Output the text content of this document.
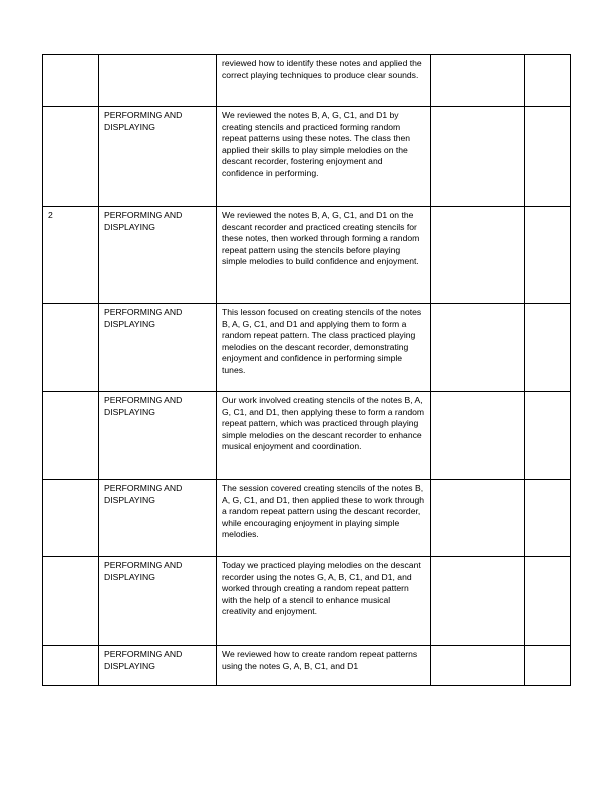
		reviewed how to identify these notes and applied the correct playing techniques to produce clear sounds.		
	PERFORMING AND DISPLAYING	We reviewed the notes B, A, G, C1, and D1 by creating stencils and practiced forming random repeat patterns using these notes. The class then applied their skills to play simple melodies on the descant recorder, fostering enjoyment and confidence in performing.		
2	PERFORMING AND DISPLAYING	We reviewed the notes B, A, G, C1, and D1 on the descant recorder and practiced creating stencils for these notes, then worked through forming a random repeat pattern using the stencils before playing simple melodies to build confidence and enjoyment.		
	PERFORMING AND DISPLAYING	This lesson focused on creating stencils of the notes B, A, G, C1, and D1 and applying them to form a random repeat pattern. The class practiced playing melodies on the descant recorder, demonstrating enjoyment and confidence in performing simple tunes.		
	PERFORMING AND DISPLAYING	Our work involved creating stencils of the notes B, A, G, C1, and D1, then applying these to form a random repeat pattern, which was practiced through playing simple melodies on the descant recorder to enhance musical enjoyment and coordination.		
	PERFORMING AND DISPLAYING	The session covered creating stencils of the notes B, A, G, C1, and D1, then applied these to work through a random repeat pattern using the descant recorder, while encouraging enjoyment in playing simple melodies.		
	PERFORMING AND DISPLAYING	Today we practiced playing melodies on the descant recorder using the notes G, A, B, C1, and D1, and worked through creating a random repeat pattern with the help of a stencil to enhance musical creativity and enjoyment.		
	PERFORMING AND DISPLAYING	We reviewed how to create random repeat patterns using the notes G, A, B, C1, and D1		
